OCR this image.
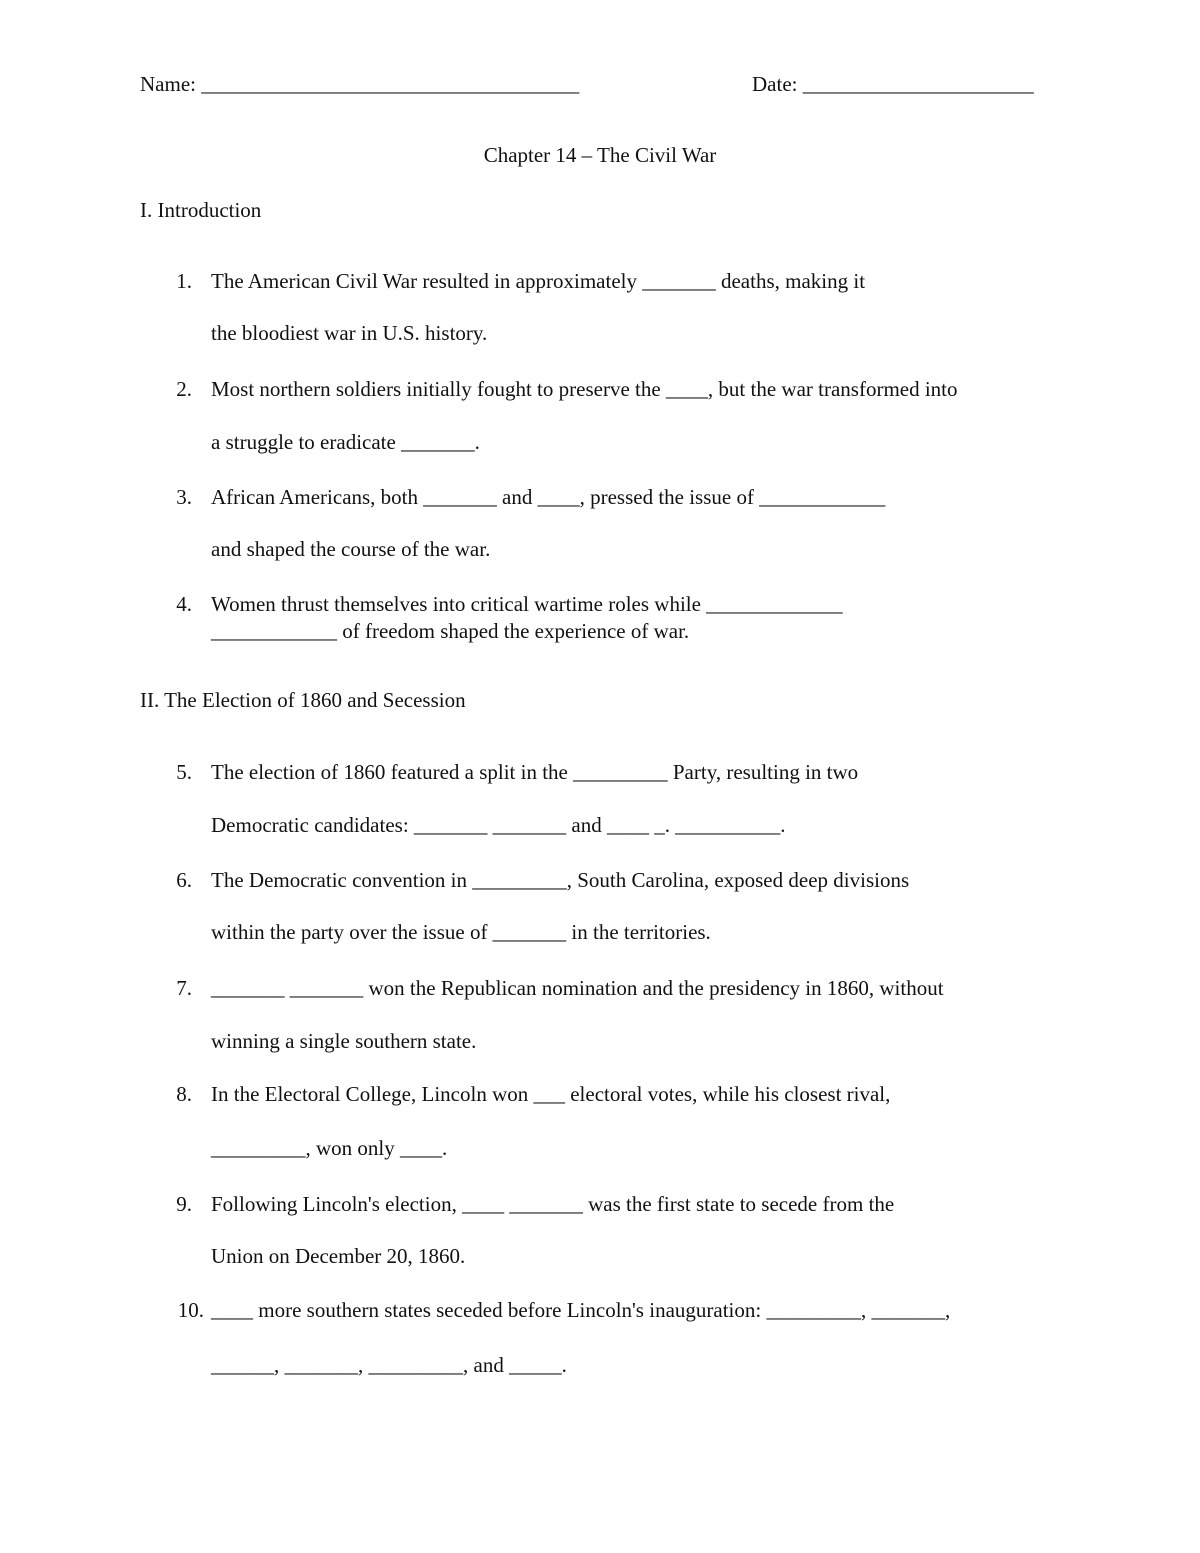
Name: ____________________________________	Date: ______________________
Chapter 14 – The Civil War
I. Introduction
1. The American Civil War resulted in approximately _______ deaths, making it
the bloodiest war in U.S. history.
2. Most northern soldiers initially fought to preserve the ____, but the war transformed into
a struggle to eradicate _______.
3. African Americans, both _______ and ____, pressed the issue of ____________
and shaped the course of the war.
4. Women thrust themselves into critical wartime roles while _____________
____________ of freedom shaped the experience of war.
II. The Election of 1860 and Secession
5. The election of 1860 featured a split in the _________ Party, resulting in two
Democratic candidates: _______ _______ and ____ _. __________.
6. The Democratic convention in _________, South Carolina, exposed deep divisions
within the party over the issue of _______ in the territories.
7. _______ _______ won the Republican nomination and the presidency in 1860, without
winning a single southern state.
8. In the Electoral College, Lincoln won ___ electoral votes, while his closest rival,
_________, won only ____.
9. Following Lincoln's election, ____ _______ was the first state to secede from the
Union on December 20, 1860.
10. ____ more southern states seceded before Lincoln's inauguration: _________, _______,
______, _______, _________, and _____.
